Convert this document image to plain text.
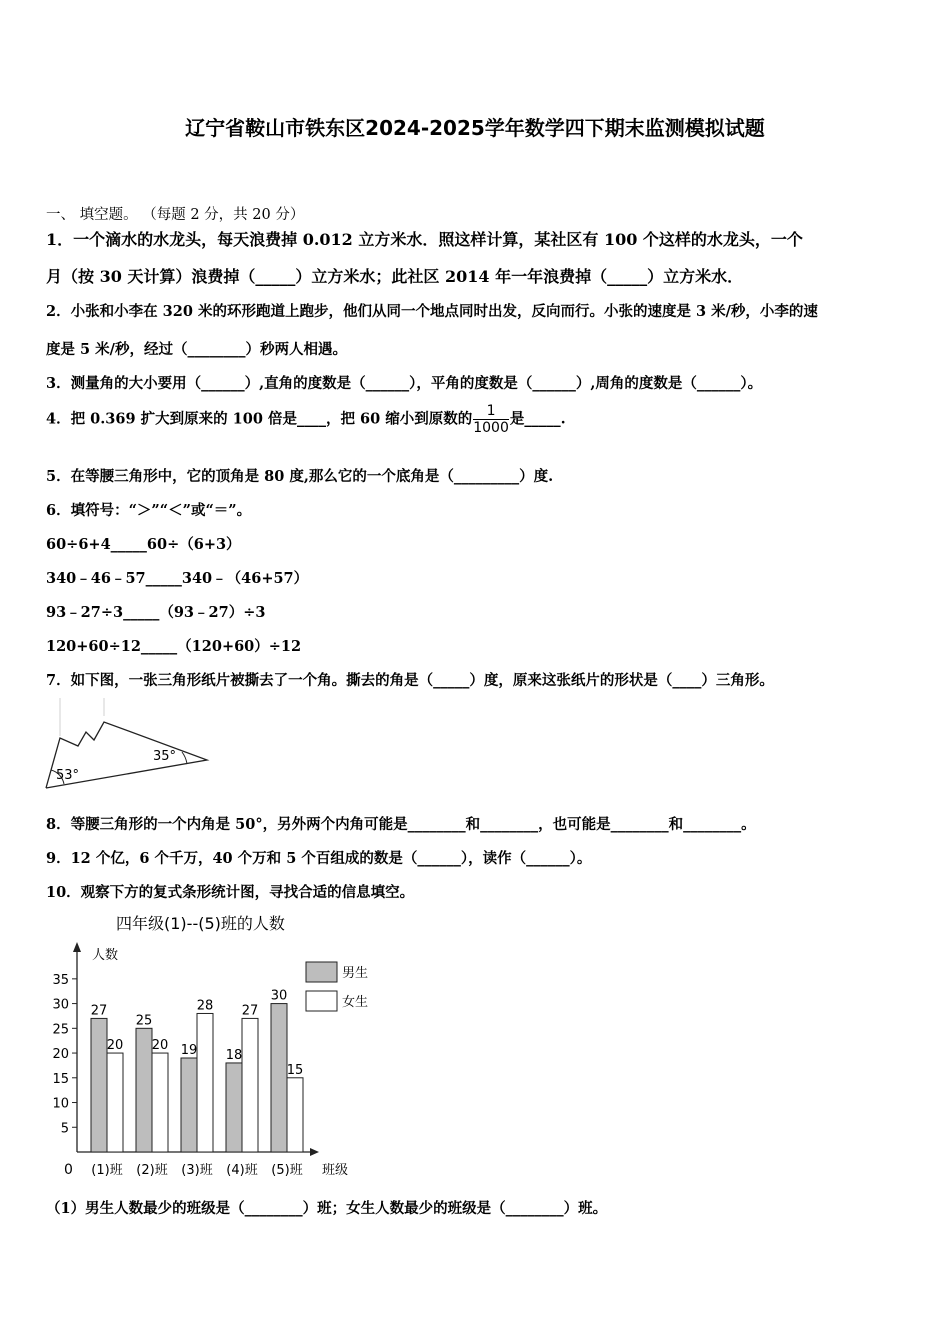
辽宁省鞍山市铁东区2024-2025学年数学四下期末监测模拟试题
一、 填空题。 （每题 2 分，共 20 分）
1．一个滴水的水龙头，每天浪费掉 0.012 立方米水．照这样计算，某社区有 100 个这样的水龙头，一个
月（按 30 天计算）浪费掉（_____）立方米水；此社区 2014 年一年浪费掉（_____）立方米水．
2．小张和小李在 320 米的环形跑道上跑步，他们从同一个地点同时出发，反向而行。小张的速度是 3 米/秒，小李的速
度是 5 米/秒，经过（________）秒两人相遇。
3．测量角的大小要用（______）,直角的度数是（______），平角的度数是（______）,周角的度数是（______）。
4．把 0.369 扩大到原来的 100 倍是____，把 60 缩小到原数的 $\frac{1}{1000}$ 是_____.
5．在等腰三角形中，它的顶角是 80 度,那么它的一个底角是（_________）度.
6．填符号：“＞”“＜”或“＝”。
60÷6+4_____60÷（6+3）
340﹣46﹣57_____340﹣（46+57）
93﹣27÷3_____（93﹣27）÷3
120+60÷12_____（120+60）÷12
7．如下图，一张三角形纸片被撕去了一个角。撕去的角是（_____）度，原来这张纸片的形状是（____）三角形。
53°
35°
8．等腰三角形的一个内角是 50°，另外两个内角可能是________和________，也可能是________和________。
9．12 个亿，6 个千万，40 个万和 5 个百组成的数是（______），读作（______）。
10．观察下方的复式条形统计图，寻找合适的信息填空。
四年级(1)--(5)班的人数
人数
班级
0
5
10
15
20
25
30
35
27
20
(1)班
25
20
(2)班
19
28
(3)班
18
27
(4)班
30
15
(5)班
男生
女生
（1）男生人数最少的班级是（________）班；女生人数最少的班级是（________）班。
